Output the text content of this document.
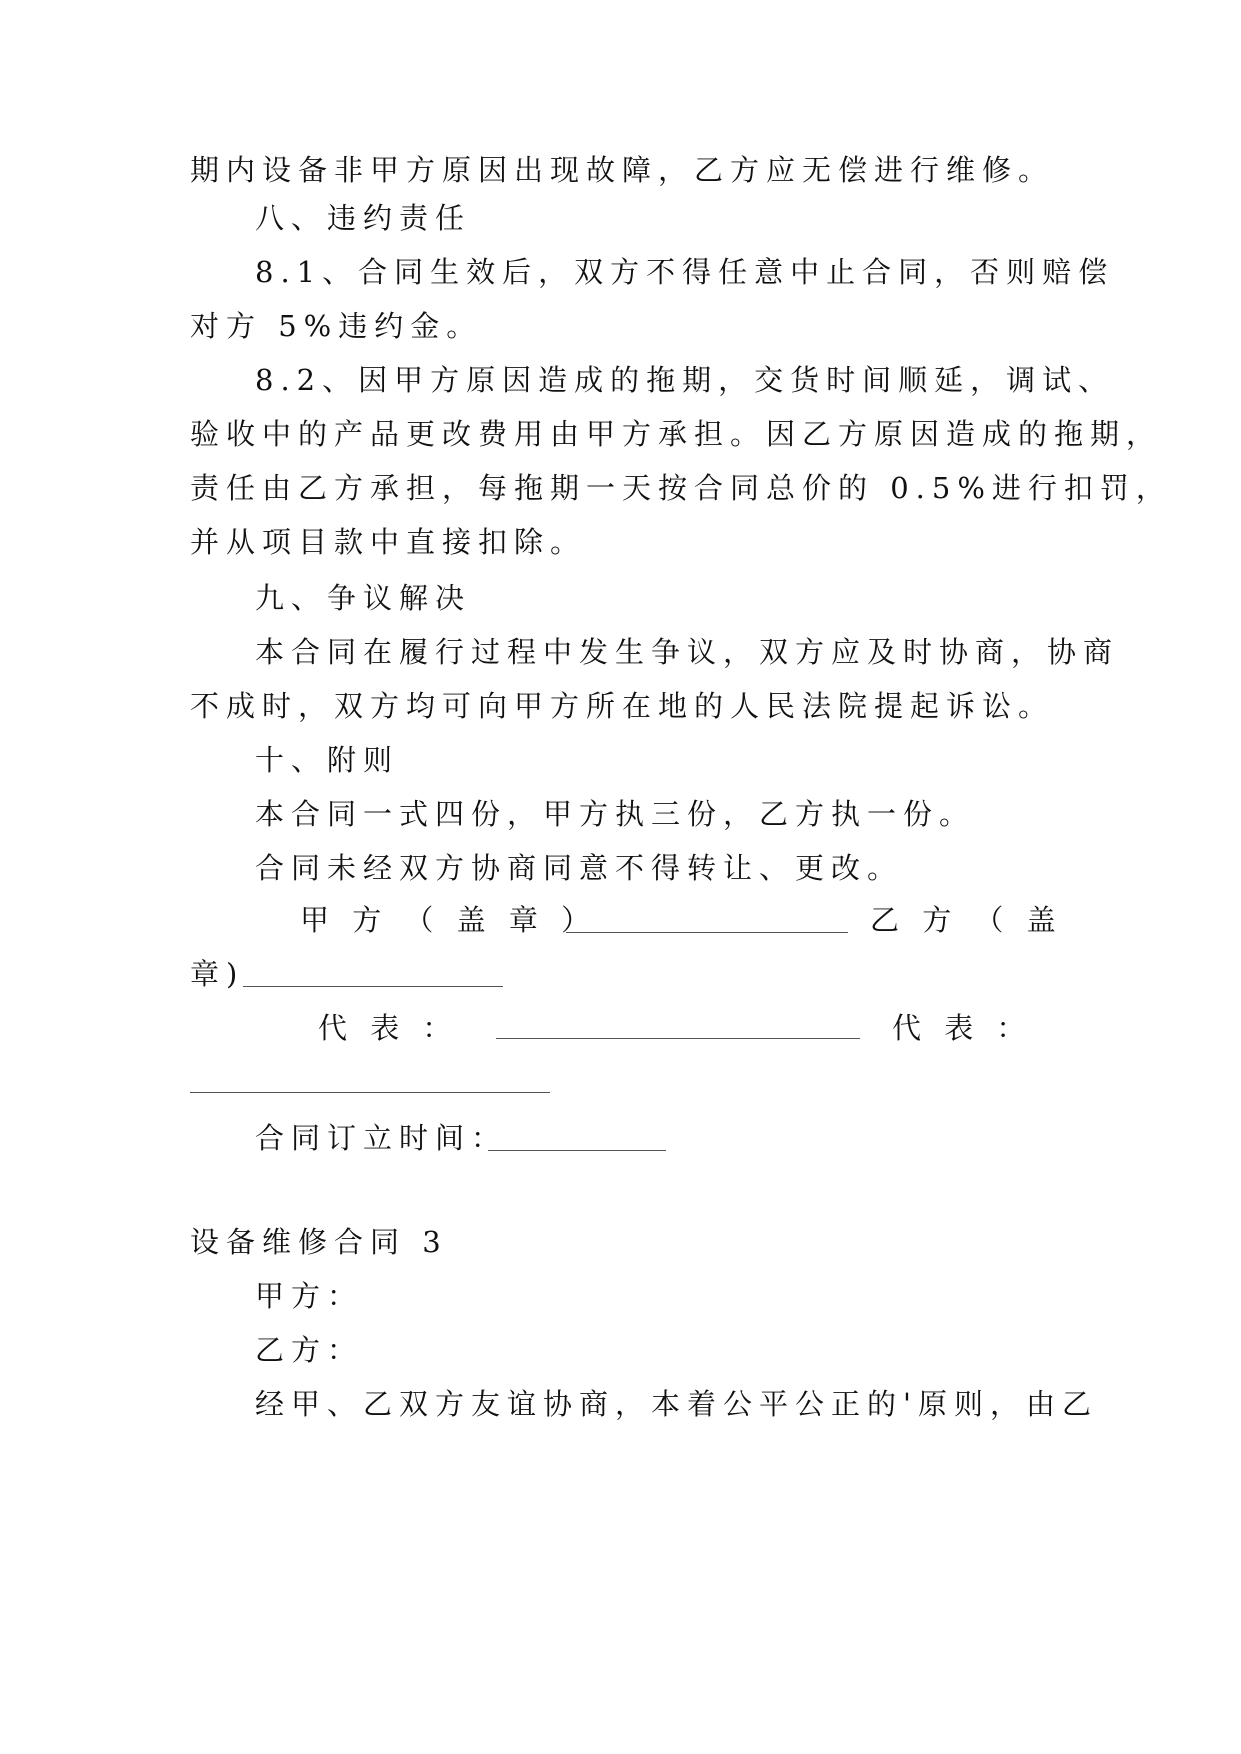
期内设备非甲方原因出现故障，乙方应无偿进行维修。
八、违约责任
8.1、合同生效后，双方不得任意中止合同，否则赔偿
对方 5%违约金。
8.2、因甲方原因造成的拖期，交货时间顺延，调试、
验收中的产品更改费用由甲方承担。因乙方原因造成的拖期，
责任由乙方承担，每拖期一天按合同总价的 0.5%进行扣罚，
并从项目款中直接扣除。
九、争议解决
本合同在履行过程中发生争议，双方应及时协商，协商
不成时，双方均可向甲方所在地的人民法院提起诉讼。
十、附则
本合同一式四份，甲方执三份，乙方执一份。
合同未经双方协商同意不得转让、更改。
甲 方 （ 盖 章 ）	乙 方 （ 盖
章)
代 表 ：	代 表 ：
合同订立时间：
设备维修合同 3
甲方：
乙方：
经甲、乙双方友谊协商，本着公平公正的'原则，由乙
